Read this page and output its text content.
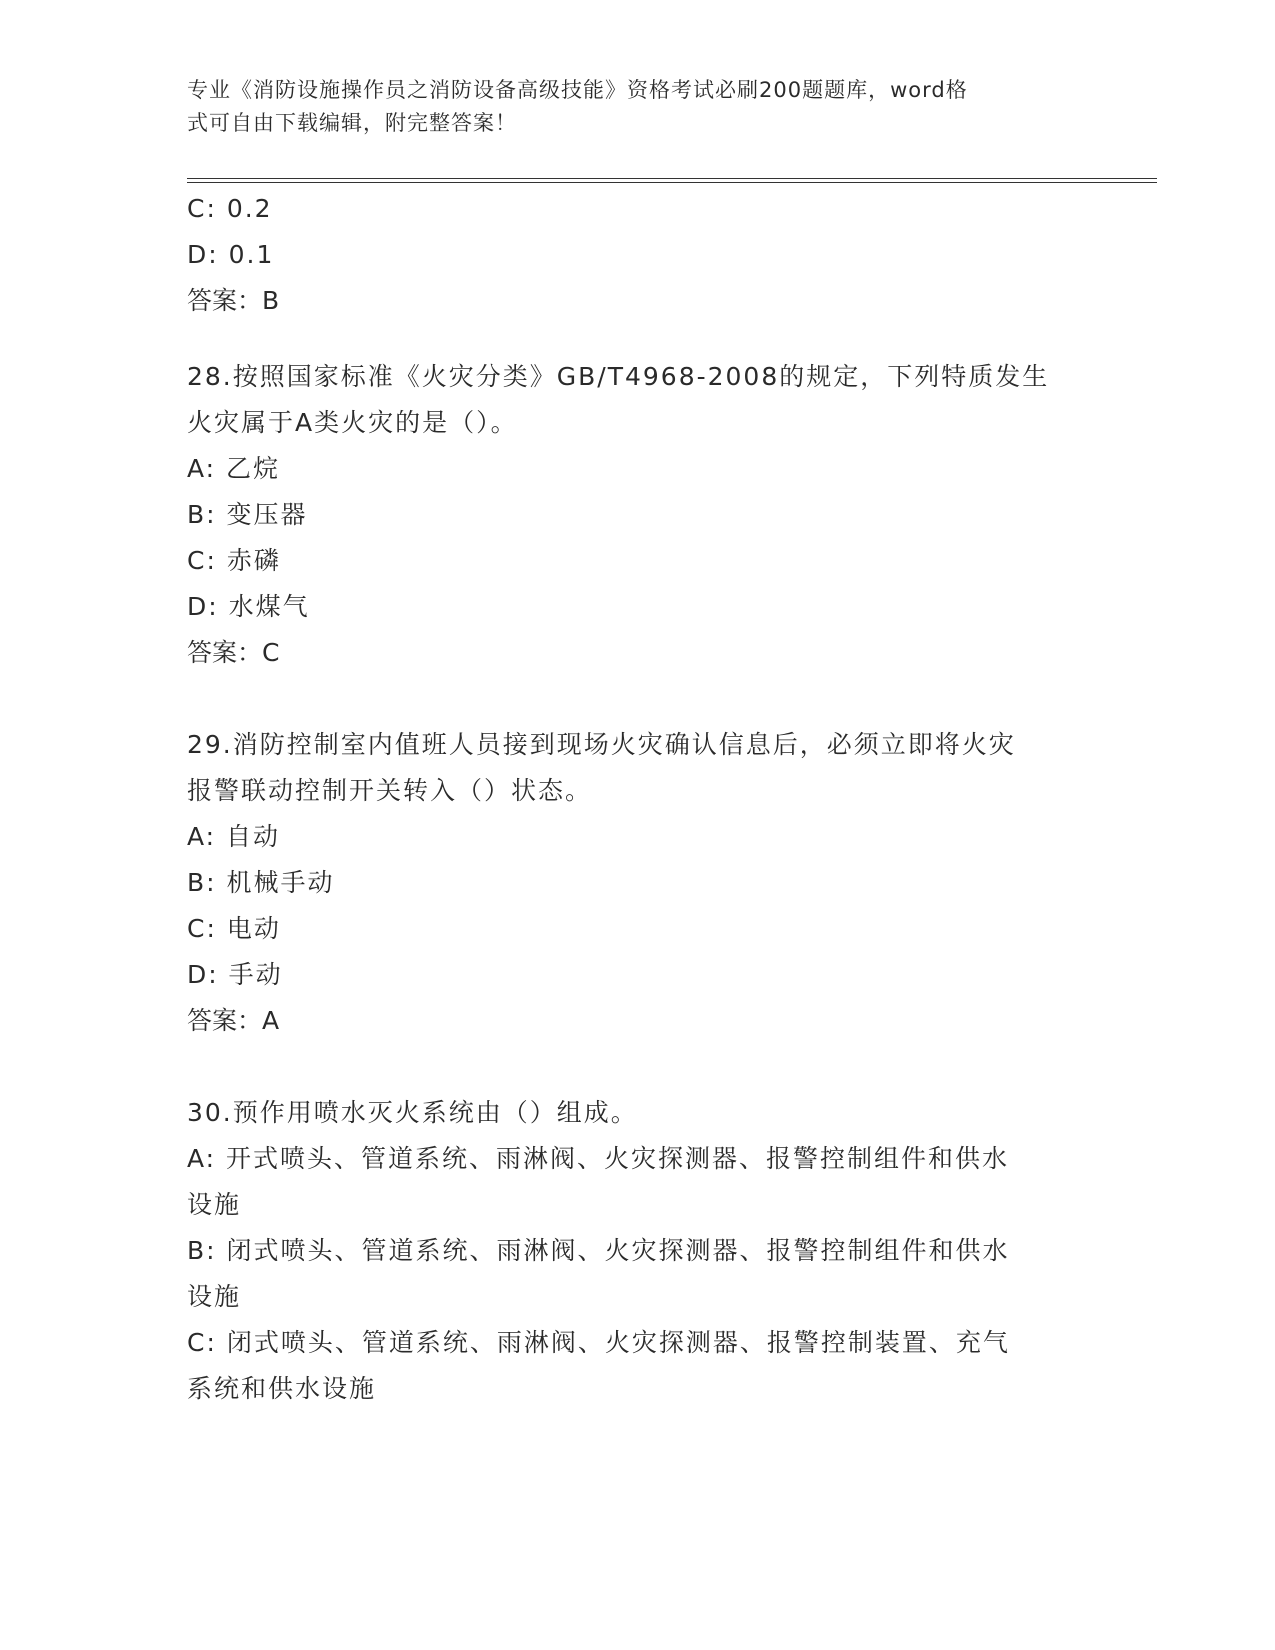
专业《消防设施操作员之消防设备高级技能》资格考试必刷200题题库，word格
式可自由下载编辑，附完整答案！
C: 0.2
D: 0.1
答案：B
28.按照国家标准《火灾分类》GB/T4968-2008的规定，下列特质发生
火灾属于A类火灾的是（）。
A: 乙烷
B: 变压器
C: 赤磷
D: 水煤气
答案：C
29.消防控制室内值班人员接到现场火灾确认信息后，必须立即将火灾
报警联动控制开关转入（）状态。
A: 自动
B: 机械手动
C: 电动
D: 手动
答案：A
30.预作用喷水灭火系统由（）组成。
A: 开式喷头、管道系统、雨淋阀、火灾探测器、报警控制组件和供水
设施
B: 闭式喷头、管道系统、雨淋阀、火灾探测器、报警控制组件和供水
设施
C: 闭式喷头、管道系统、雨淋阀、火灾探测器、报警控制装置、充气
系统和供水设施
